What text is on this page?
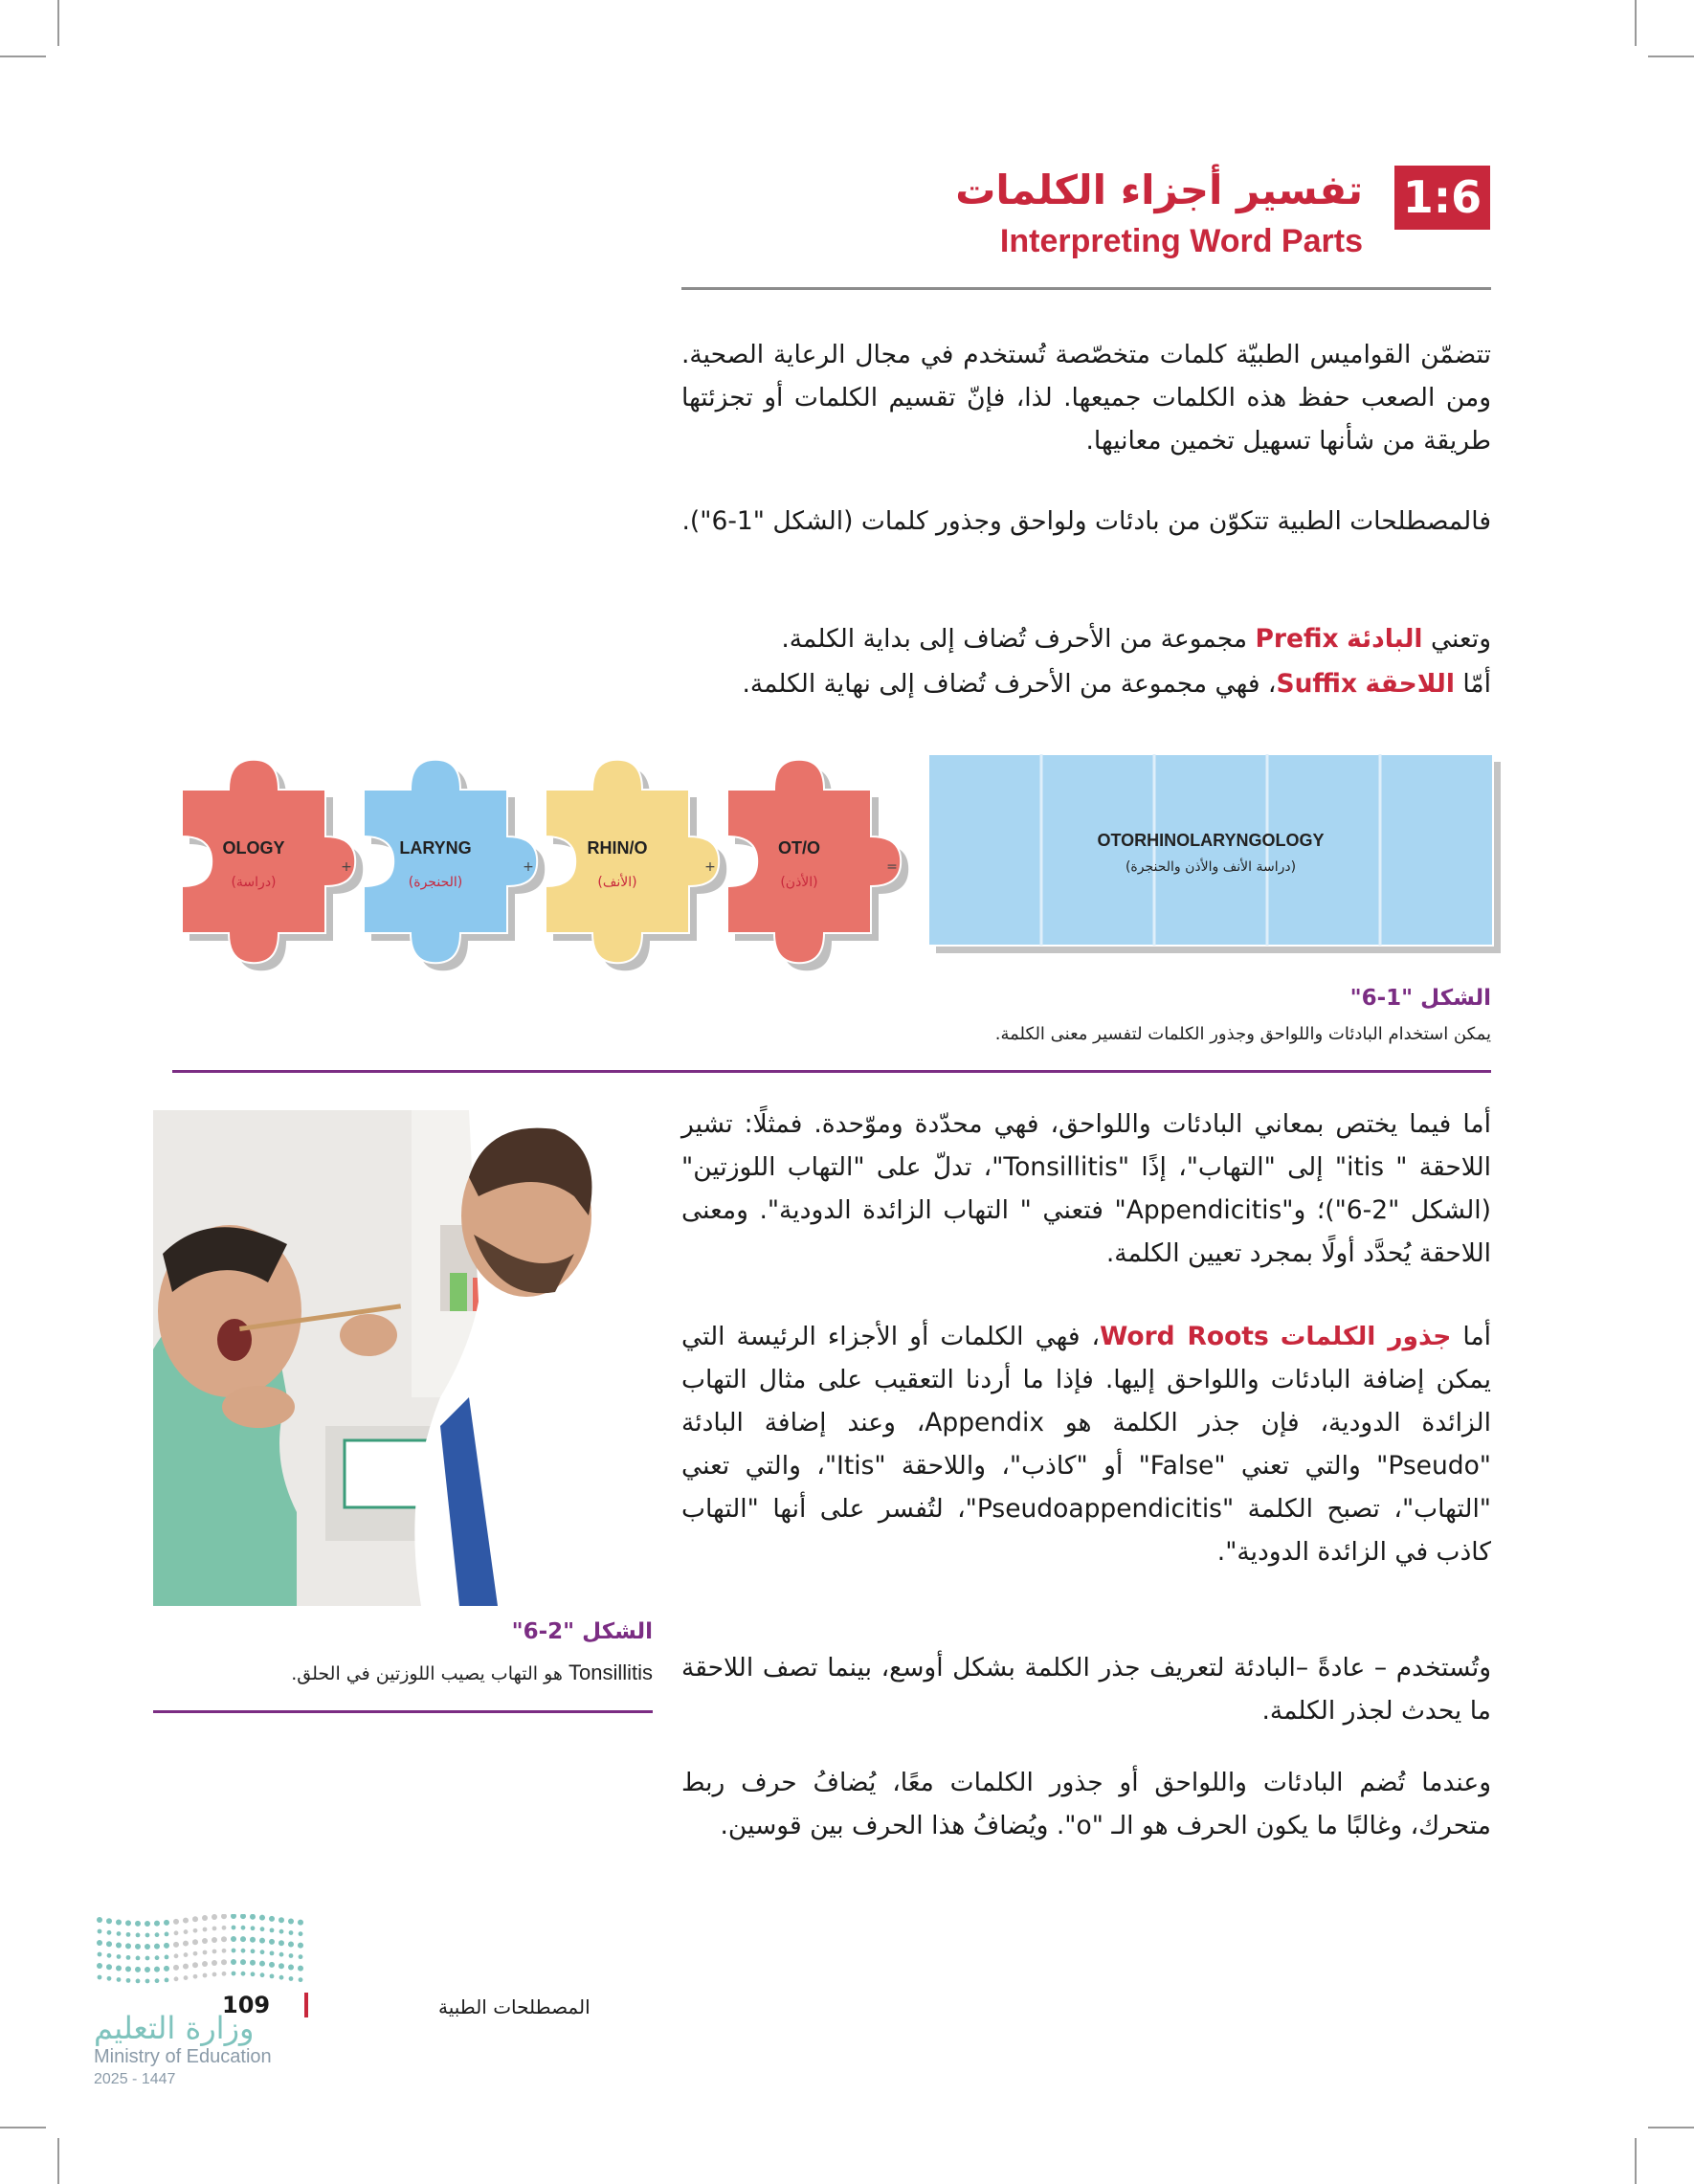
1:6
تفسير أجزاء الكلمات
Interpreting Word Parts
تتضمّن القواميس الطبيّة كلمات متخصّصة تُستخدم في مجال الرعاية الصحية. ومن الصعب حفظ هذه الكلمات جميعها. لذا، فإنّ تقسيم الكلمات أو تجزئتها طريقة من شأنها تسهيل تخمين معانيها.
فالمصطلحات الطبية تتكوّن من بادئات ولواحق وجذور كلمات (الشكل "1-6").
وتعني البادئة Prefix مجموعة من الأحرف تُضاف إلى بداية الكلمة.
أمّا اللاحقة Suffix، فهي مجموعة من الأحرف تُضاف إلى نهاية الكلمة.
OLOGY
(دراسة)
LARYNG
(الحنجرة)
RHIN/O
(الأنف)
OT/O
(الأذن)
+	+	+	=
OTORHINOLARYNGOLOGY
(دراسة الأنف والأذن والحنجرة)
الشكل "1-6"
يمكن استخدام البادئات واللواحق وجذور الكلمات لتفسير معنى الكلمة.
أما فيما يختص بمعاني البادئات واللواحق، فهي محدّدة وموّحدة. فمثلًا: تشير اللاحقة " itis" إلى "التهاب"، إذًا "Tonsillitis"، تدلّ على "التهاب اللوزتين" (الشكل "2-6")؛ و"Appendicitis" فتعني " التهاب الزائدة الدودية". ومعنى اللاحقة يُحدَّد أولًا بمجرد تعيين الكلمة.
أما جذور الكلمات Word Roots، فهي الكلمات أو الأجزاء الرئيسة التي يمكن إضافة البادئات واللواحق إليها. فإذا ما أردنا التعقيب على مثال التهاب الزائدة الدودية، فإن جذر الكلمة هو Appendix، وعند إضافة البادئة "Pseudo" والتي تعني "False" أو "كاذب"، واللاحقة "Itis"، والتي تعني "التهاب"، تصبح الكلمة "Pseudoappendicitis"، لتُفسر على أنها "التهاب كاذب في الزائدة الدودية".
وتُستخدم – عادةً –البادئة لتعريف جذر الكلمة بشكل أوسع، بينما تصف اللاحقة ما يحدث لجذر الكلمة.
وعندما تُضم البادئات واللواحق أو جذور الكلمات معًا، يُضافُ حرف ربط متحرك، وغالبًا ما يكون الحرف هو الـ "o". ويُضافُ هذا الحرف بين قوسين.
الشكل "2-6"
Tonsillitis هو التهاب يصيب اللوزتين في الحلق.
وزارة التعليم
Ministry of Education
2025 - 1447
109	المصطلحات الطبية
